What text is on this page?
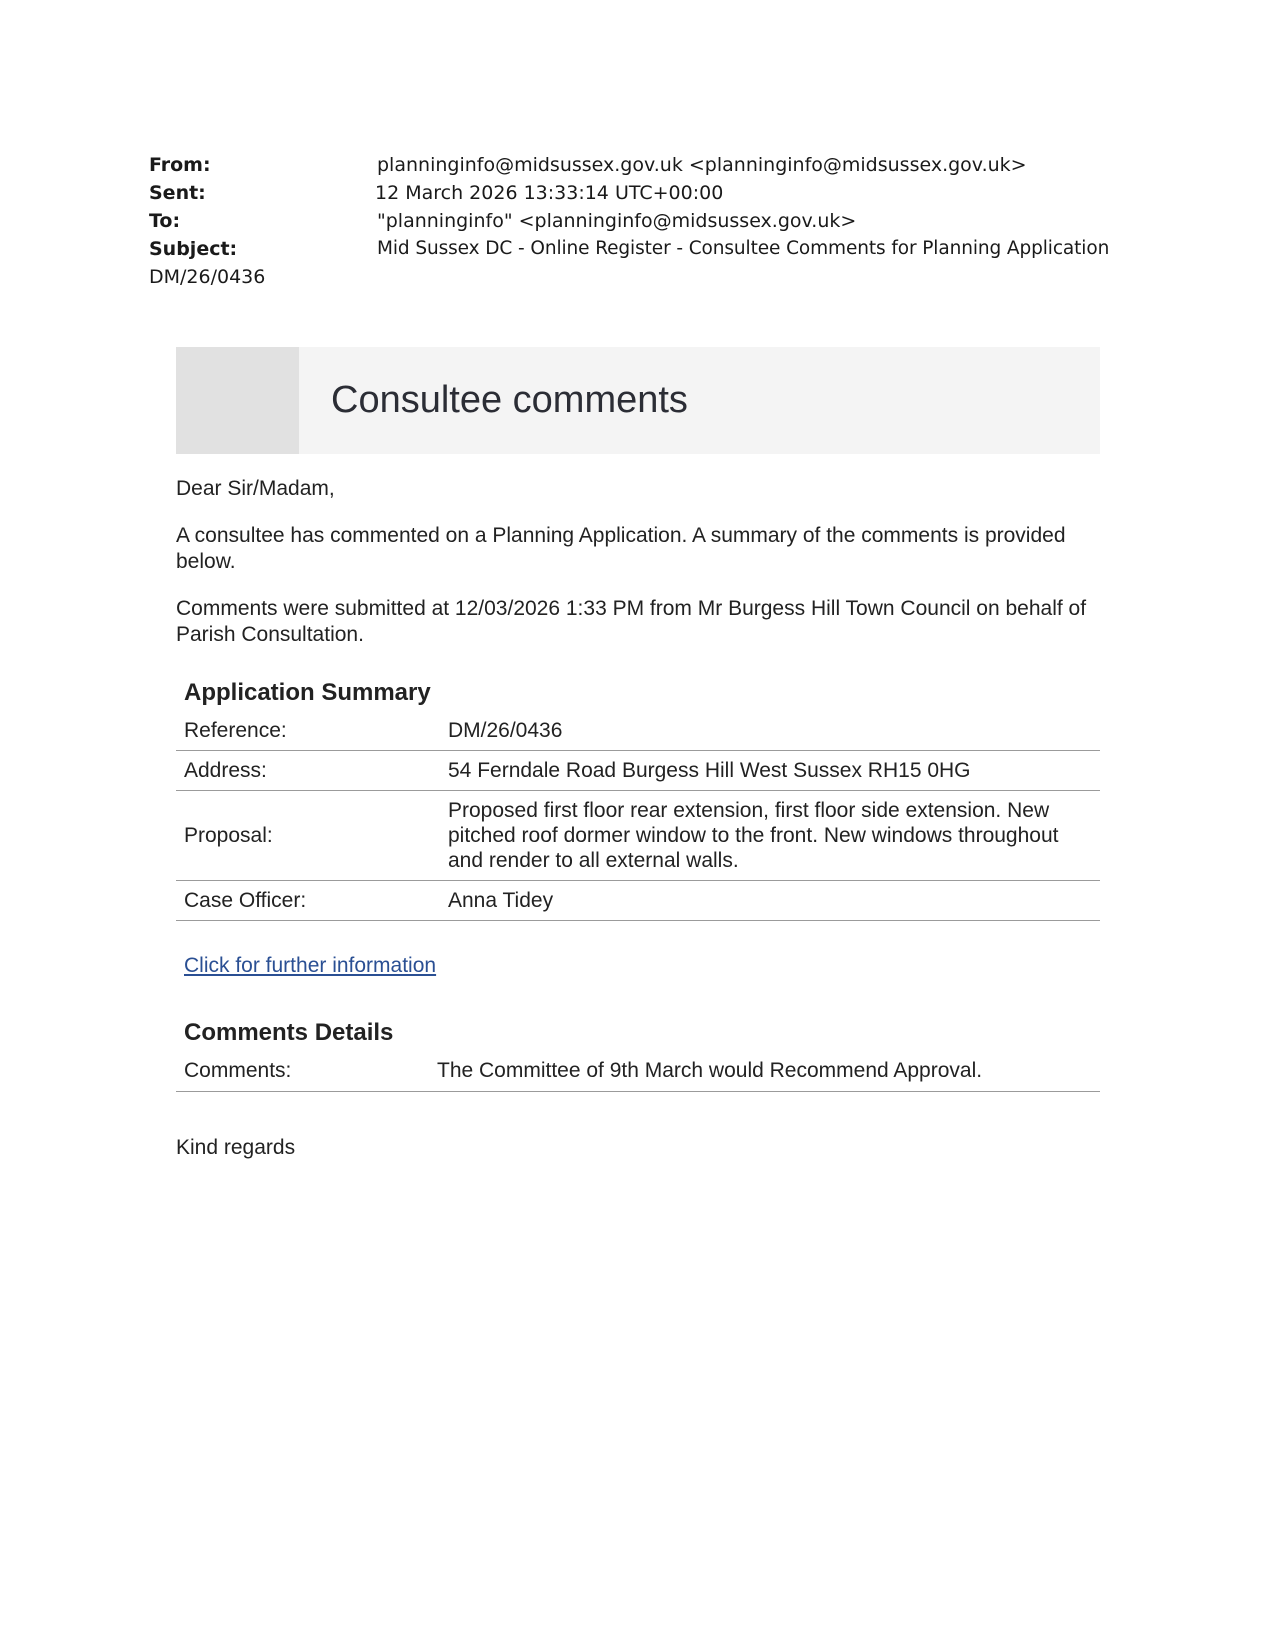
From:	planninginfo@midsussex.gov.uk <planninginfo@midsussex.gov.uk>
Sent:	12 March 2026 13:33:14 UTC+00:00
To:	"planninginfo" <planninginfo@midsussex.gov.uk>
Subject:	Mid Sussex DC - Online Register - Consultee Comments for Planning Application
DM/26/0436
Consultee comments

Dear Sir/Madam,

A consultee has commented on a Planning Application. A summary of the comments is provided below.

Comments were submitted at 12/03/2026 1:33 PM from Mr Burgess Hill Town Council on behalf of Parish Consultation.

Application Summary
Reference:	DM/26/0436
Address:	54 Ferndale Road Burgess Hill West Sussex RH15 0HG
Proposal:	Proposed first floor rear extension, first floor side extension. New pitched roof dormer window to the front. New windows throughout and render to all external walls.
Case Officer:	Anna Tidey
Click for further information
Comments Details
Comments:	The Committee of 9th March would Recommend Approval.

Kind regards
